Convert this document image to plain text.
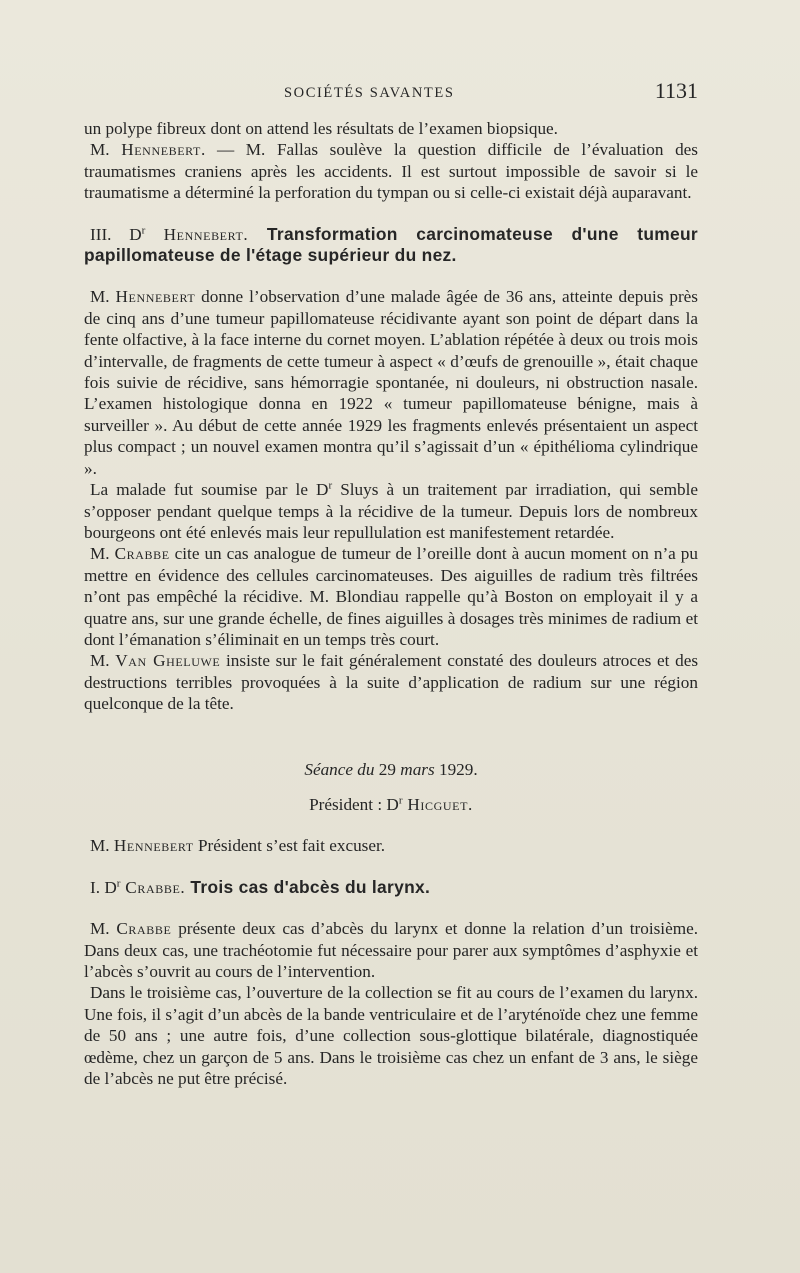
SOCIÉTÉS SAVANTES	1131

un polype fibreux dont on attend les résultats de l’examen biopsique.

M. Hennebert. — M. Fallas soulève la question difficile de l’évaluation des traumatismes craniens après les accidents. Il est surtout impossible de savoir si le traumatisme a déterminé la perforation du tympan ou si celle-ci existait déjà auparavant.

III. $D^r$ Hennebert. Transformation carcinomateuse d'une tumeur papillomateuse de l'étage supérieur du nez.

M. Hennebert donne l’observation d’une malade âgée de 36 ans, atteinte depuis près de cinq ans d’une tumeur papillomateuse récidivante ayant son point de départ dans la fente olfactive, à la face interne du cornet moyen. L’ablation répétée à deux ou trois mois d’intervalle, de fragments de cette tumeur à aspect « d’œufs de grenouille », était chaque fois suivie de récidive, sans hémorragie spontanée, ni douleurs, ni obstruction nasale. L’examen histologique donna en 1922 « tumeur papillomateuse bénigne, mais à surveiller ». Au début de cette année 1929 les fragments enlevés présentaient un aspect plus compact ; un nouvel examen montra qu’il s’agissait d’un « épithélioma cylindrique ».

La malade fut soumise par le $D^r$ Sluys à un traitement par irradiation, qui semble s’opposer pendant quelque temps à la récidive de la tumeur. Depuis lors de nombreux bourgeons ont été enlevés mais leur repullulation est manifestement retardée.

M. Crabbe cite un cas analogue de tumeur de l’oreille dont à aucun moment on n’a pu mettre en évidence des cellules carcinomateuses. Des aiguilles de radium très filtrées n’ont pas empêché la récidive. M. Blondiau rappelle qu’à Boston on employait il y a quatre ans, sur une grande échelle, de fines aiguilles à dosages très minimes de radium et dont l’émanation s’éliminait en un temps très court.

M. Van Gheluwe insiste sur le fait généralement constaté des douleurs atroces et des destructions terribles provoquées à la suite d’application de radium sur une région quelconque de la tête.

Séance du 29 mars 1929.

Président : $D^r$ Hicguet.

M. Hennebert Président s’est fait excuser.

I. $D^r$ Crabbe. Trois cas d'abcès du larynx.

M. Crabbe présente deux cas d’abcès du larynx et donne la relation d’un troisième. Dans deux cas, une trachéotomie fut nécessaire pour parer aux symptômes d’asphyxie et l’abcès s’ouvrit au cours de l’intervention.

Dans le troisième cas, l’ouverture de la collection se fit au cours de l’examen du larynx. Une fois, il s’agit d’un abcès de la bande ventriculaire et de l’aryténoïde chez une femme de 50 ans ; une autre fois, d’une collection sous-glottique bilatérale, diagnostiquée œdème, chez un garçon de 5 ans. Dans le troisième cas chez un enfant de 3 ans, le siège de l’abcès ne put être précisé.
